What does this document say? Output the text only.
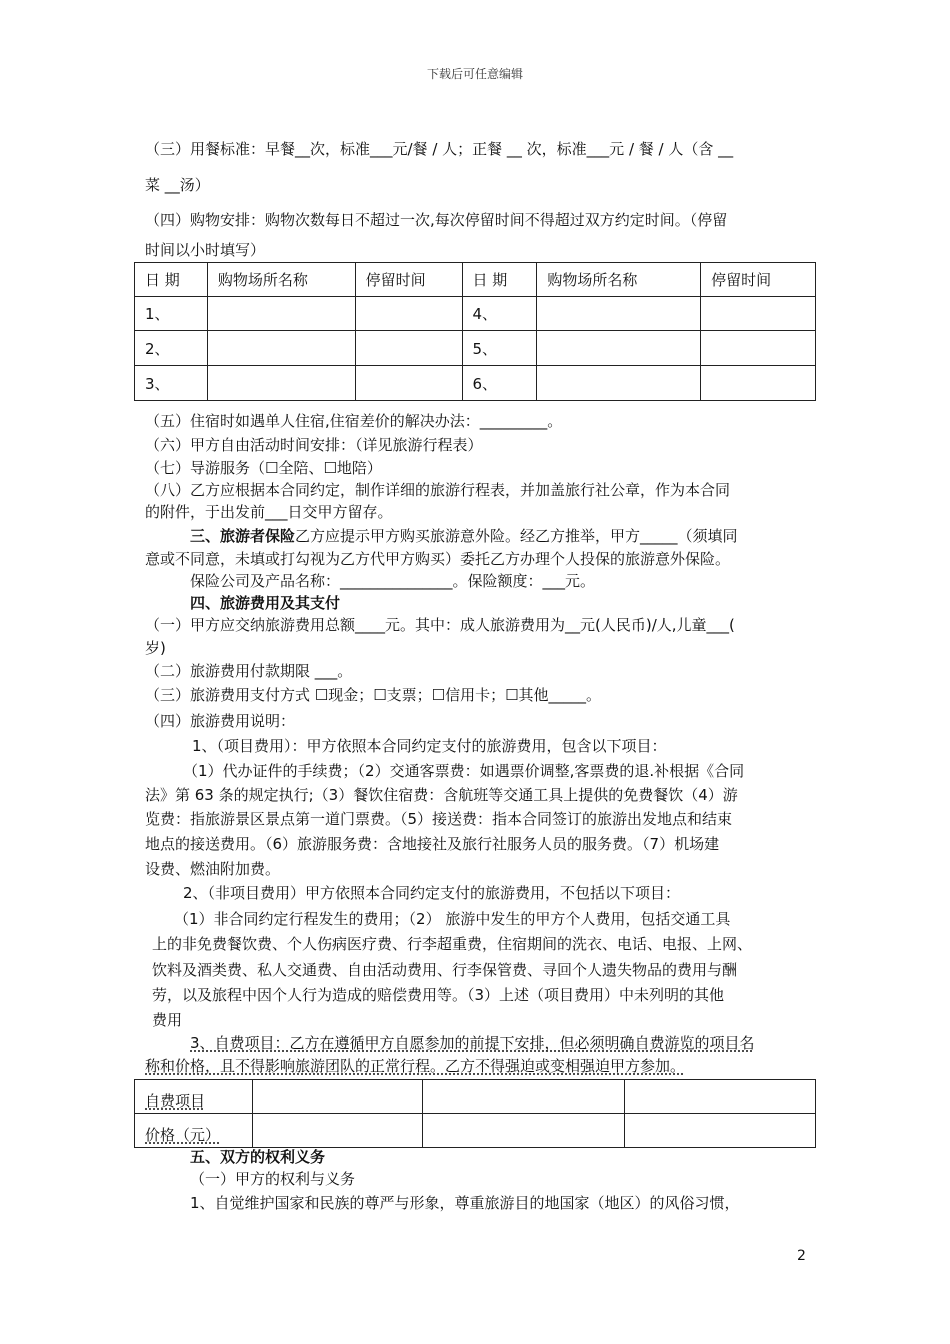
下载后可任意编辑
（三）用餐标准：早餐__次，标准___元/餐 / 人；正餐 __ 次，标准___元 / 餐 / 人（含 __
菜 __汤）
（四）购物安排：购物次数每日不超过一次,每次停留时间不得超过双方约定时间。（停留
时间以小时填写）
日 期	购物场所名称	停留时间	日 期	购物场所名称	停留时间
1、			4、		
2、			5、		
3、			6、		
（五）住宿时如遇单人住宿,住宿差价的解决办法：_________。
（六）甲方自由活动时间安排：（详见旅游行程表）
（七）导游服务（☐全陪、☐地陪）
（八）乙方应根据本合同约定，制作详细的旅游行程表，并加盖旅行社公章，作为本合同
的附件，于出发前___日交甲方留存。
三、旅游者保险乙方应提示甲方购买旅游意外险。经乙方推举，甲方_____（须填同
意或不同意，未填或打勾视为乙方代甲方购买）委托乙方办理个人投保的旅游意外保险。
保险公司及产品名称：_______________。保险额度：___元。
四、旅游费用及其支付
（一）甲方应交纳旅游费用总额____元。其中：成人旅游费用为__元(人民币)/人,儿童___(
岁)
（二）旅游费用付款期限 ___。
（三）旅游费用支付方式 ☐现金；☐支票；☐信用卡；☐其他_____。
（四）旅游费用说明：
1、（项目费用）：甲方依照本合同约定支付的旅游费用，包含以下项目：
（1）代办证件的手续费；（2）交通客票费：如遇票价调整,客票费的退.补根据《合同
法》第 63 条的规定执行;（3）餐饮住宿费：含航班等交通工具上提供的免费餐饮（4）游
览费：指旅游景区景点第一道门票费。（5）接送费：指本合同签订的旅游出发地点和结束
地点的接送费用。（6）旅游服务费：含地接社及旅行社服务人员的服务费。（7）机场建
设费、燃油附加费。
2、（非项目费用）甲方依照本合同约定支付的旅游费用，不包括以下项目：
（1）非合同约定行程发生的费用；（2） 旅游中发生的甲方个人费用，包括交通工具
上的非免费餐饮费、个人伤病医疗费、行李超重费，住宿期间的洗衣、电话、电报、上网、
饮料及酒类费、私人交通费、自由活动费用、行李保管费、寻回个人遗失物品的费用与酬
劳，以及旅程中因个人行为造成的赔偿费用等。（3）上述（项目费用）中未列明的其他
费用
3、自费项目：乙方在遵循甲方自愿参加的前提下安排，但必须明确自费游览的项目名
称和价格，且不得影响旅游团队的正常行程。乙方不得强迫或变相强迫甲方参加。
自费项目			
价格（元）			
五、双方的权利义务
（一）甲方的权利与义务
1、自觉维护国家和民族的尊严与形象，尊重旅游目的地国家（地区）的风俗习惯，
2
